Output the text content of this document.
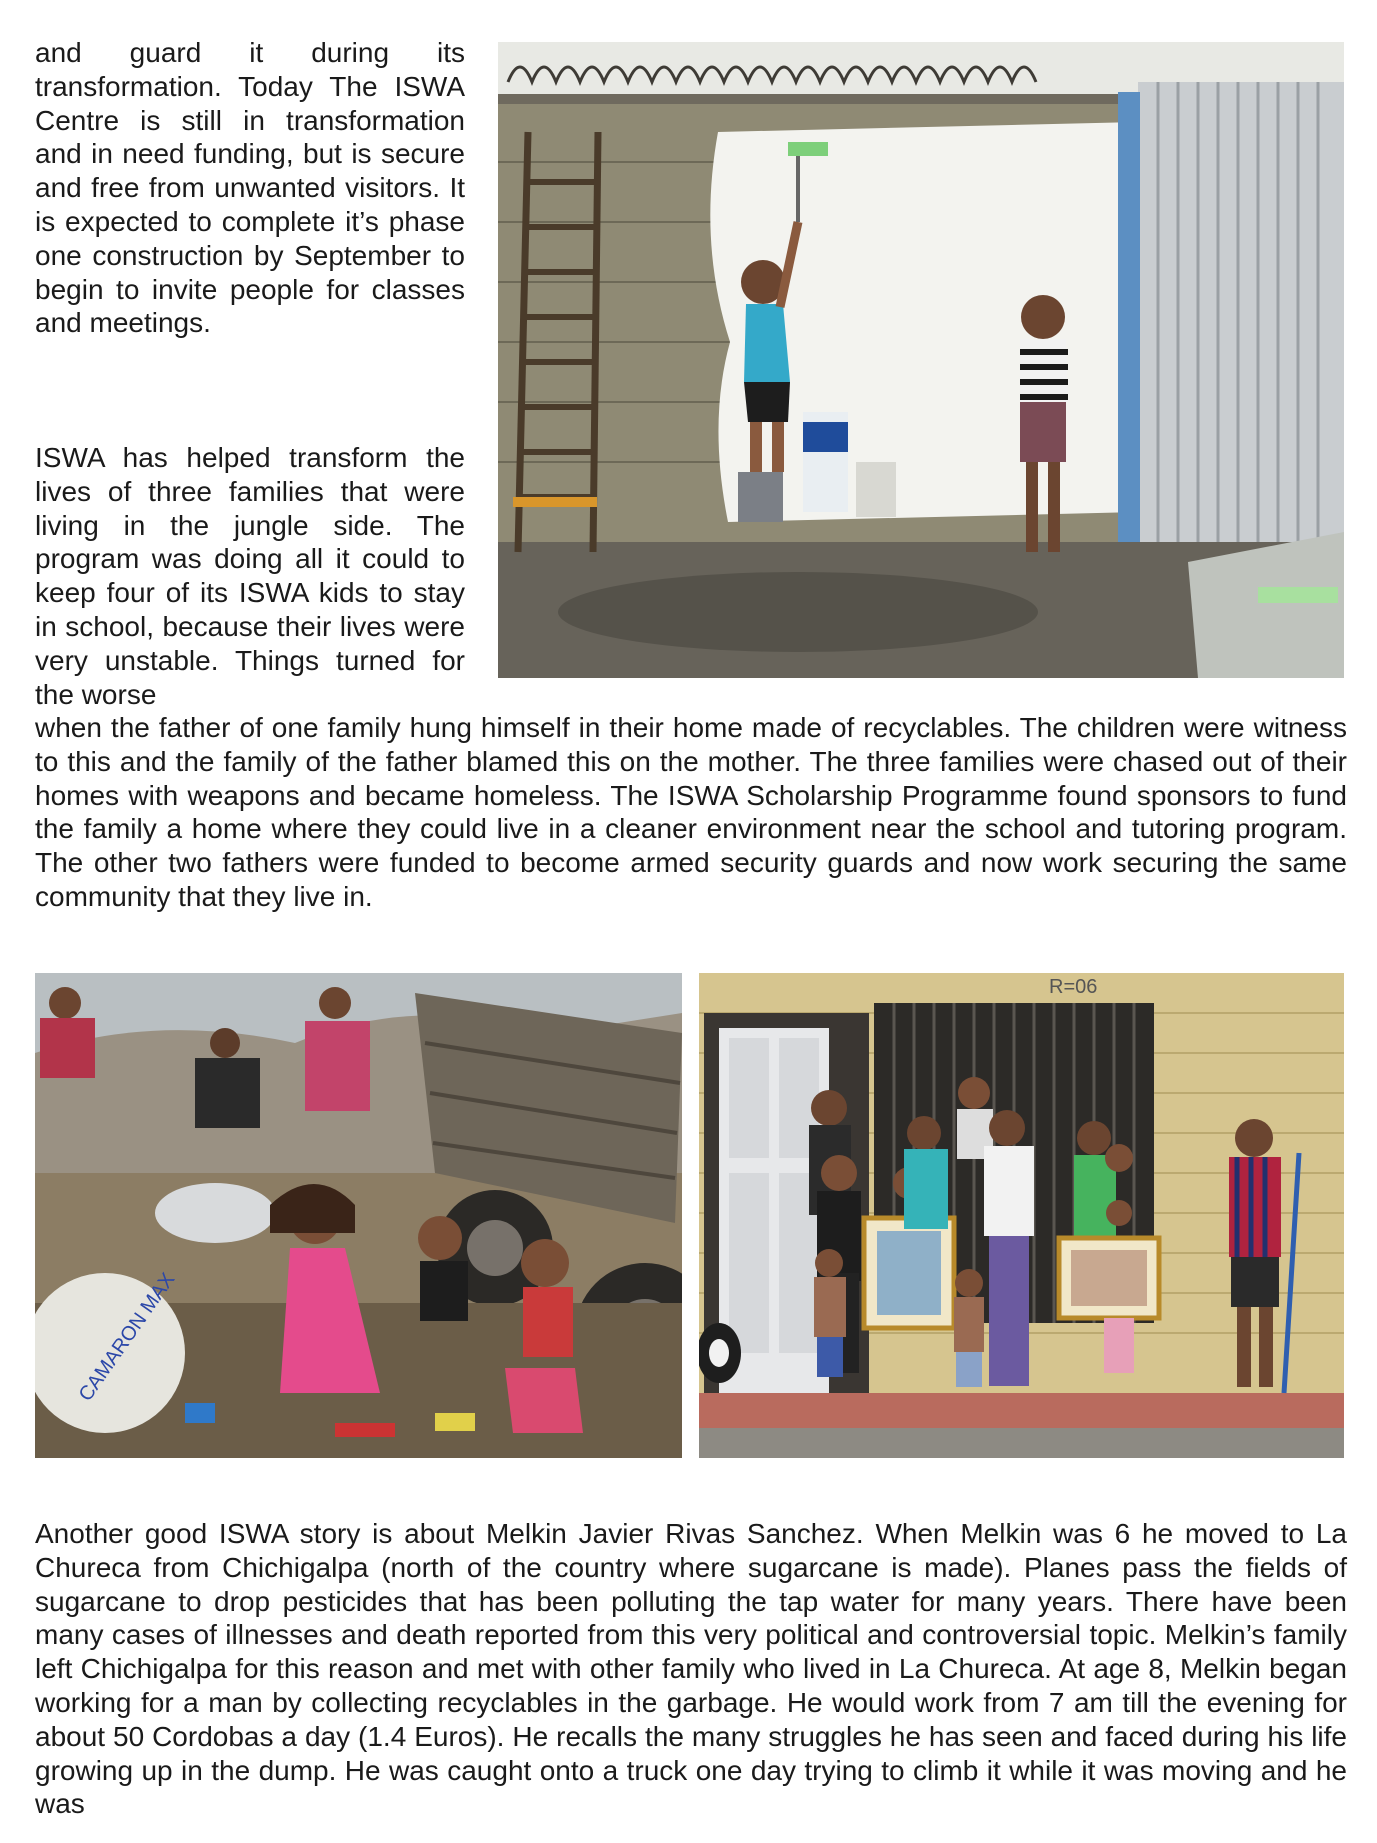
and guard it during its transformation. Today The ISWA Centre is still in transformation and in need funding, but is secure and free from unwanted visitors. It is expected to complete it’s phase one construction by September to begin to invite people for classes and meetings.

ISWA has helped transform the lives of three families that were living in the jungle side. The program was doing all it could to keep four of its ISWA kids to stay in school, because their lives were very unstable. Things turned for the worse

when the father of one family hung himself in their home made of recyclables. The children were witness to this and the family of the father blamed this on the mother. The three families were chased out of their homes with weapons and became homeless. The ISWA Scholarship Programme found sponsors to fund the family a home where they could live in a cleaner environment near the school and tutoring program. The other two fathers were funded to become armed security guards and now work securing the same community that they live in.

CAMARON MAX
R=06

Another good ISWA story is about Melkin Javier Rivas Sanchez. When Melkin was 6 he moved to La Chureca from Chichigalpa (north of the country where sugarcane is made). Planes pass the fields of sugarcane to drop pesticides that has been polluting the tap water for many years. There have been many cases of illnesses and death reported from this very political and controversial topic. Melkin’s family left Chichigalpa for this reason and met with other family who lived in La Chureca. At age 8, Melkin began working for a man by collecting recyclables in the garbage. He would work from 7 am till the evening for about 50 Cordobas a day (1.4 Euros). He recalls the many struggles he has seen and faced during his life growing up in the dump. He was caught onto a truck one day trying to climb it while it was moving and he was
